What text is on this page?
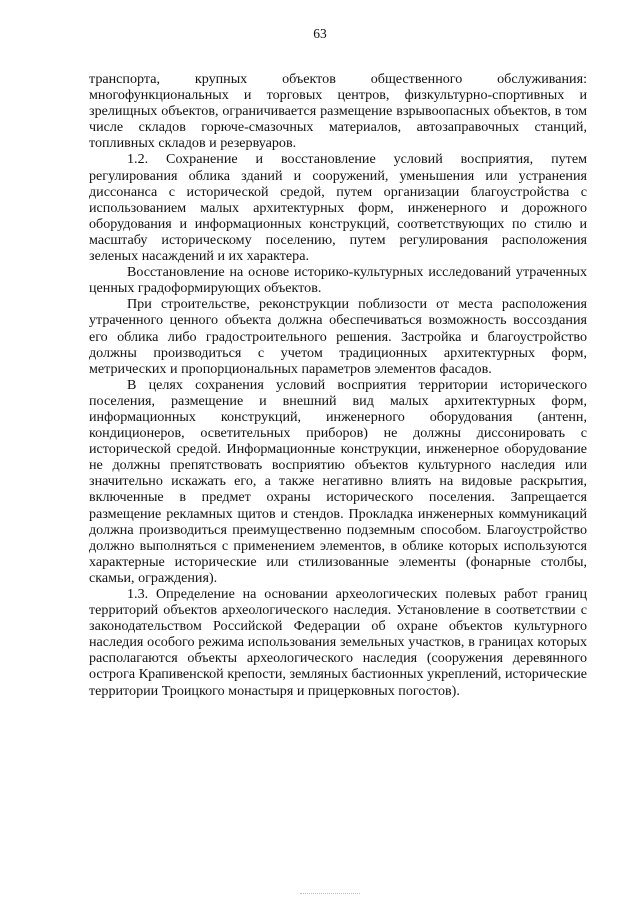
63

транспорта, крупных объектов общественного обслуживания: многофункциональных и торговых центров, физкультурно-спортивных и зрелищных объектов, ограничивается размещение взрывоопасных объектов, в том числе складов горюче-смазочных материалов, автозаправочных станций, топливных складов и резервуаров.

1.2. Сохранение и восстановление условий восприятия, путем регулирования облика зданий и сооружений, уменьшения или устранения диссонанса с исторической средой, путем организации благоустройства с использованием малых архитектурных форм, инженерного и дорожного оборудования и информационных конструкций, соответствующих по стилю и масштабу историческому поселению, путем регулирования расположения зеленых насаждений и их характера.

Восстановление на основе историко-культурных исследований утраченных ценных градоформирующих объектов.

При строительстве, реконструкции поблизости от места расположения утраченного ценного объекта должна обеспечиваться возможность воссоздания его облика либо градостроительного решения. Застройка и благоустройство должны производиться с учетом традиционных архитектурных форм, метрических и пропорциональных параметров элементов фасадов.

В целях сохранения условий восприятия территории исторического поселения, размещение и внешний вид малых архитектурных форм, информационных конструкций, инженерного оборудования (антенн, кондиционеров, осветительных приборов) не должны диссонировать с исторической средой. Информационные конструкции, инженерное оборудование не должны препятствовать восприятию объектов культурного наследия или значительно искажать его, а также негативно влиять на видовые раскрытия, включенные в предмет охраны исторического поселения. Запрещается размещение рекламных щитов и стендов. Прокладка инженерных коммуникаций должна производиться преимущественно подземным способом. Благоустройство должно выполняться с применением элементов, в облике которых используются характерные исторические или стилизованные элементы (фонарные столбы, скамьи, ограждения).

1.3. Определение на основании археологических полевых работ границ территорий объектов археологического наследия. Установление в соответствии с законодательством Российской Федерации об охране объектов культурного наследия особого режима использования земельных участков, в границах которых располагаются объекты археологического наследия (сооружения деревянного острога Крапивенской крепости, земляных бастионных укреплений, исторические территории Троицкого монастыря и прицерковных погостов).
